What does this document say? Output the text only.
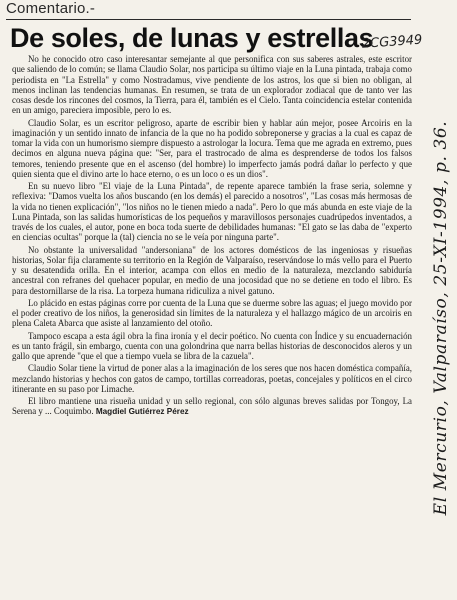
Comentario.-
De soles, de lunas y estrellas
2CG3949

No he conocido otro caso interesantar semejante al que personifica con sus saberes astrales, este escritor que saliendo de lo común; se llama Claudio Solar, nos participa su último viaje en la Luna pintada, trabaja como periodista en "La Estrella" y como Nostradamus, vive pendiente de los astros, los que si bien no obligan, al menos inclinan las tendencias humanas. En resumen, se trata de un explorador zodiacal que de tanto ver las cosas desde los rincones del cosmos, la Tierra, para él, también es el Cielo. Tanta coincidencia estelar contenida en un amigo, pareciera imposible, pero lo es.

Claudio Solar, es un escritor peligroso, aparte de escribir bien y hablar aún mejor, posee Arcoiris en la imaginación y un sentido innato de infancia de la que no ha podido sobreponerse y gracias a la cual es capaz de tomar la vida con un humorismo siempre dispuesto a astrologar la locura. Tema que me agrada en extremo, pues decimos en alguna nueva página que: "Ser, para el trastrocado de alma es desprenderse de todos los falsos temores, teniendo presente que en el ascenso (del hombre) lo imperfecto jamás podrá dañar lo perfecto y que quien sienta que el divino arte lo hace eterno, o es un loco o es un dios".

En su nuevo libro "El viaje de la Luna Pintada", de repente aparece también la frase seria, solemne y reflexiva: "Damos vuelta los años buscando (en los demás) el parecido a nosotros", "Las cosas más hermosas de la vida no tienen explicación", "los niños no le tienen miedo a nada". Pero lo que más abunda en este viaje de la Luna Pintada, son las salidas humorísticas de los pequeños y maravillosos personajes cuadrúpedos inventados, a través de los cuales, el autor, pone en boca toda suerte de debilidades humanas: "El gato se las daba de "experto en ciencias ocultas" porque la (tal) ciencia no se le veía por ninguna parte".

No obstante la universalidad "andersoniana" de los actores domésticos de las ingeniosas y risueñas historias, Solar fija claramente su territorio en la Región de Valparaíso, reservándose lo más vello para el Puerto y su desatendida orilla. En el interior, acampa con ellos en medio de la naturaleza, mezclando sabiduría ancestral con refranes del quehacer popular, en medio de una jocosidad que no se detiene en todo el libro. Es para destornillarse de la risa. La torpeza humana ridiculiza a nivel gatuno.

Lo plácido en estas páginas corre por cuenta de la Luna que se duerme sobre las aguas; el juego movido por el poder creativo de los niños, la generosidad sin límites de la naturaleza y el hallazgo mágico de un arcoiris en plena Caleta Abarca que asiste al lanzamiento del otoño.

Tampoco escapa a esta ágil obra la fina ironía y el decir poético. No cuenta con Índice y su encuadernación es un tanto frágil, sin embargo, cuenta con una golondrina que narra bellas historias de desconocidos aleros y un gallo que aprende "que el que a tiempo vuela se libra de la cazuela".

Claudio Solar tiene la virtud de poner alas a la imaginación de los seres que nos hacen doméstica compañía, mezclando historias y hechos con gatos de campo, tortillas correadoras, poetas, concejales y políticos en el circo itinerante en su paso por Limache.

El libro mantiene una risueña unidad y un sello regional, con sólo algunas breves salidas por Tongoy, La Serena y ... Coquimbo. Magdiel Gutiérrez Pérez	El Mercurio, Valparaíso, 25-XI-1994, p. 36.
